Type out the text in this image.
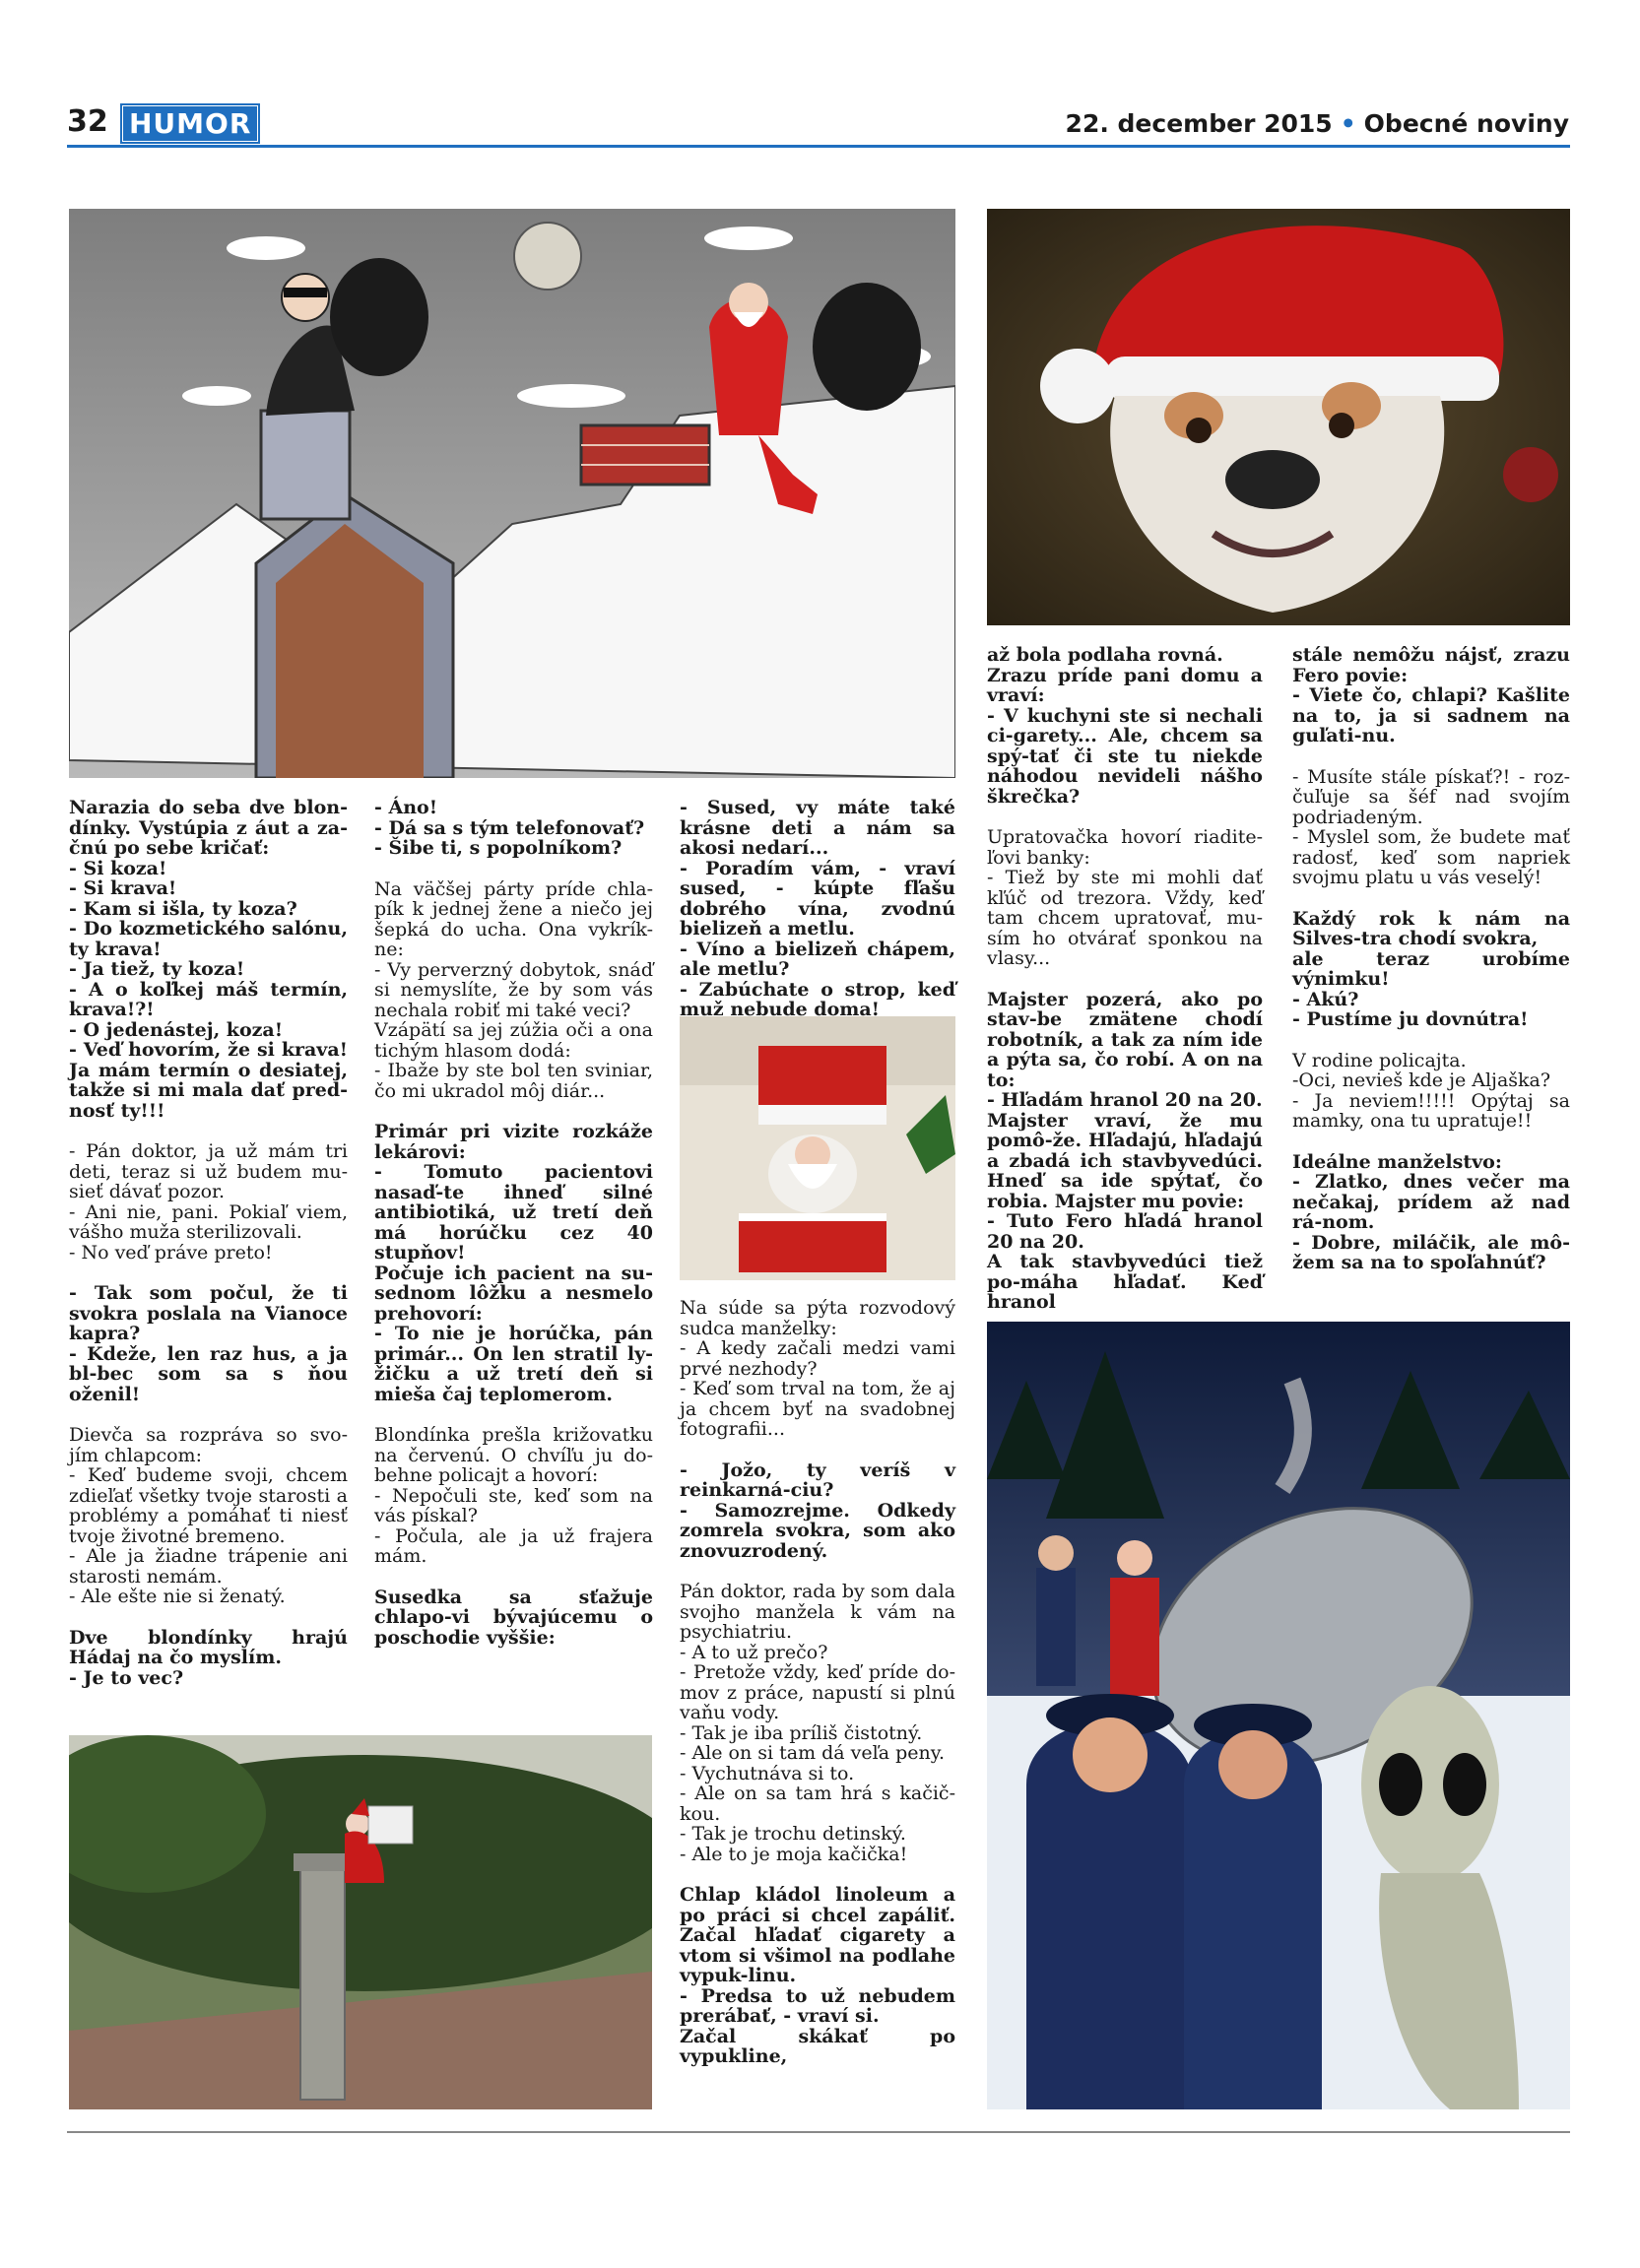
32 HUMOR	22. december 2015 • Obecné noviny

Narazia do seba dve blon-dínky. Vystúpia z áut a za-čnú po sebe kričať:

- Si koza!

- Si krava!

- Kam si išla, ty koza?

- Do kozmetického salónu, ty krava!

- Ja tiež, ty koza!

- A o koľkej máš termín, krava!?!

- O jedenástej, koza!

- Veď hovorím, že si krava! Ja mám termín o desiatej, takže si mi mala dať pred-nosť ty!!!

- Pán doktor, ja už mám tri deti, teraz si už budem mu-sieť dávať pozor.

- Ani nie, pani. Pokiaľ viem, vášho muža sterilizovali.

- No veď práve preto!

- Tak som počul, že ti svokra poslala na Vianoce kapra?

- Kdeže, len raz hus, a ja bl-bec som sa s ňou oženil!

Dievča sa rozpráva so svo-jím chlapcom:

- Keď budeme svoji, chcem zdieľať všetky tvoje starosti a problémy a pomáhať ti niesť tvoje životné bremeno.

- Ale ja žiadne trápenie ani starosti nemám.

- Ale ešte nie si ženatý.

Dve blondínky hrajú Hádaj na čo myslím.

- Je to vec?

- Áno!

- Dá sa s tým telefonovať?

- Šibe ti, s popolníkom?

Na väčšej párty príde chla-pík k jednej žene a niečo jej šepká do ucha. Ona vykrík-ne:

- Vy perverzný dobytok, snáď si nemyslíte, že by som vás nechala robiť mi také veci?

Vzápätí sa jej zúžia oči a ona tichým hlasom dodá:

- Ibaže by ste bol ten sviniar, čo mi ukradol môj diár...

Primár pri vizite rozkáže lekárovi:

- Tomuto pacientovi nasaď-te ihneď silné antibiotiká, už tretí deň má horúčku cez 40 stupňov!

Počuje ich pacient na su-sednom lôžku a nesmelo prehovorí:

- To nie je horúčka, pán primár... On len stratil ly-žičku a už tretí deň si mieša čaj teplomerom.

Blondínka prešla križovatku na červenú. O chvíľu ju do-behne policajt a hovorí:

- Nepočuli ste, keď som na vás pískal?

- Počula, ale ja už frajera mám.

Susedka sa sťažuje chlapo-vi bývajúcemu o poschodie vyššie:

- Sused, vy máte také krásne deti a nám sa akosi nedarí...

- Poradím vám, - vraví sused, - kúpte fľašu dobrého vína, zvodnú bielizeň a metlu.

- Víno a bielizeň chápem, ale metlu?

- Zabúchate o strop, keď muž nebude doma!

Na súde sa pýta rozvodový sudca manželky:

- A kedy začali medzi vami prvé nezhody?

- Keď som trval na tom, že aj ja chcem byť na svadobnej fotografii...

- Jožo, ty veríš v reinkarná-ciu?

- Samozrejme. Odkedy zomrela svokra, som ako znovuzrodený.

Pán doktor, rada by som dala svojho manžela k vám na psychiatriu.

- A to už prečo?

- Pretože vždy, keď príde do-mov z práce, napustí si plnú vaňu vody.

- Tak je iba príliš čistotný.

- Ale on si tam dá veľa peny.

- Vychutnáva si to.

- Ale on sa tam hrá s kačič-kou.

- Tak je trochu detinský.

- Ale to je moja kačička!

Chlap kládol linoleum a po práci si chcel zapáliť. Začal hľadať cigarety a vtom si všimol na podlahe vypuk-linu.

- Predsa to už nebudem prerábať, - vraví si.

Začal skákať po vypukline,

až bola podlaha rovná.

Zrazu príde pani domu a vraví:

- V kuchyni ste si nechali ci-garety... Ale, chcem sa spý-tať či ste tu niekde náhodou nevideli nášho škrečka?

Upratovačka hovorí riadite-ľovi banky:

- Tiež by ste mi mohli dať kľúč od trezora. Vždy, keď tam chcem upratovať, mu-sím ho otvárať sponkou na vlasy...

Majster pozerá, ako po stav-be zmätene chodí robotník, a tak za ním ide a pýta sa, čo robí. A on na to:

- Hľadám hranol 20 na 20.

Majster vraví, že mu pomô-že. Hľadajú, hľadajú a zbadá ich stavbyvedúci. Hneď sa ide spýtať, čo robia. Majster mu povie:

- Tuto Fero hľadá hranol 20 na 20.

A tak stavbyvedúci tiež po-máha hľadať. Keď hranol

stále nemôžu nájsť, zrazu Fero povie:

- Viete čo, chlapi? Kašlite na to, ja si sadnem na guľati-nu.

- Musíte stále pískať?! - roz-čuľuje sa šéf nad svojím podriadeným.

- Myslel som, že budete mať radosť, keď som napriek svojmu platu u vás veselý!

Každý rok k nám na Silves-tra chodí svokra,

ale teraz urobíme výnimku!

- Akú?

- Pustíme ju dovnútra!

V rodine policajta.

-Oci, nevieš kde je Aljaška?

- Ja neviem!!!!! Opýtaj sa mamky, ona tu upratuje!!

Ideálne manželstvo:

- Zlatko, dnes večer ma nečakaj, prídem až nad rá-nom.

- Dobre, miláčik, ale mô-žem sa na to spoľahnúť?
